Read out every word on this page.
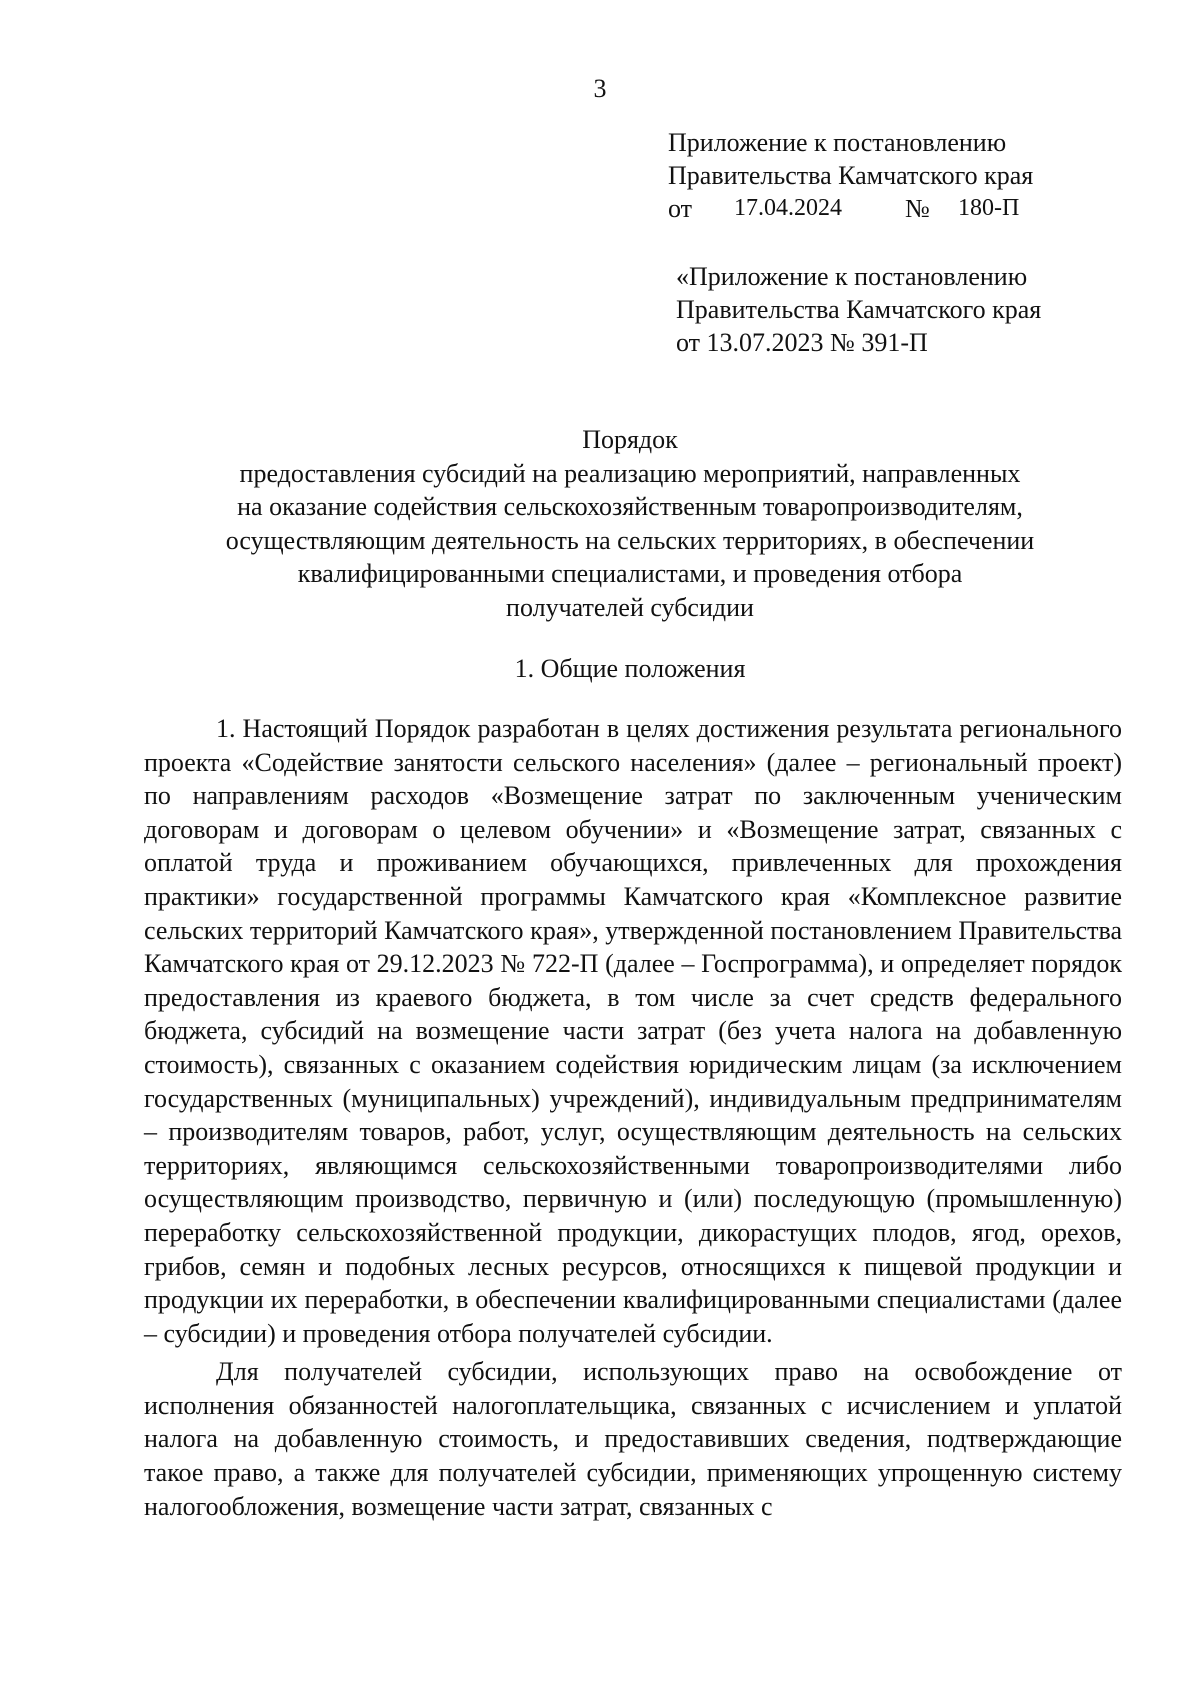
3
Приложение к постановлению
Правительства Камчатского края
от 17.04.2024 № 180-П
«Приложение к постановлению
Правительства Камчатского края
от 13.07.2023 № 391-П
Порядок
предоставления субсидий на реализацию мероприятий, направленных
на оказание содействия сельскохозяйственным товаропроизводителям,
осуществляющим деятельность на сельских территориях, в обеспечении
квалифицированными специалистами, и проведения отбора
получателей субсидии
1. Общие положения

1. Настоящий Порядок разработан в целях достижения результата регионального проекта «Содействие занятости сельского населения» (далее – региональный проект) по направлениям расходов «Возмещение затрат по заключенным ученическим договорам и договорам о целевом обучении» и «Возмещение затрат, связанных с оплатой труда и проживанием обучающихся, привлеченных для прохождения практики» государственной программы Камчатского края «Комплексное развитие сельских территорий Камчатского края», утвержденной постановлением Правительства Камчатского края от 29.12.2023 № 722-П (далее – Госпрограмма), и определяет порядок предоставления из краевого бюджета, в том числе за счет средств федерального бюджета, субсидий на возмещение части затрат (без учета налога на добавленную стоимость), связанных с оказанием содействия юридическим лицам (за исключением государственных (муниципальных) учреждений), индивидуальным предпринимателям – производителям товаров, работ, услуг, осуществляющим деятельность на сельских территориях, являющимся сельскохозяйственными товаропроизводителями либо осуществляющим производство, первичную и (или) последующую (промышленную) переработку сельскохозяйственной продукции, дикорастущих плодов, ягод, орехов, грибов, семян и подобных лесных ресурсов, относящихся к пищевой продукции и продукции их переработки, в обеспечении квалифицированными специалистами (далее – субсидии) и проведения отбора получателей субсидии.

Для получателей субсидии, использующих право на освобождение от исполнения обязанностей налогоплательщика, связанных с исчислением и уплатой налога на добавленную стоимость, и предоставивших сведения, подтверждающие такое право, а также для получателей субсидии, применяющих упрощенную систему налогообложения, возмещение части затрат, связанных с
